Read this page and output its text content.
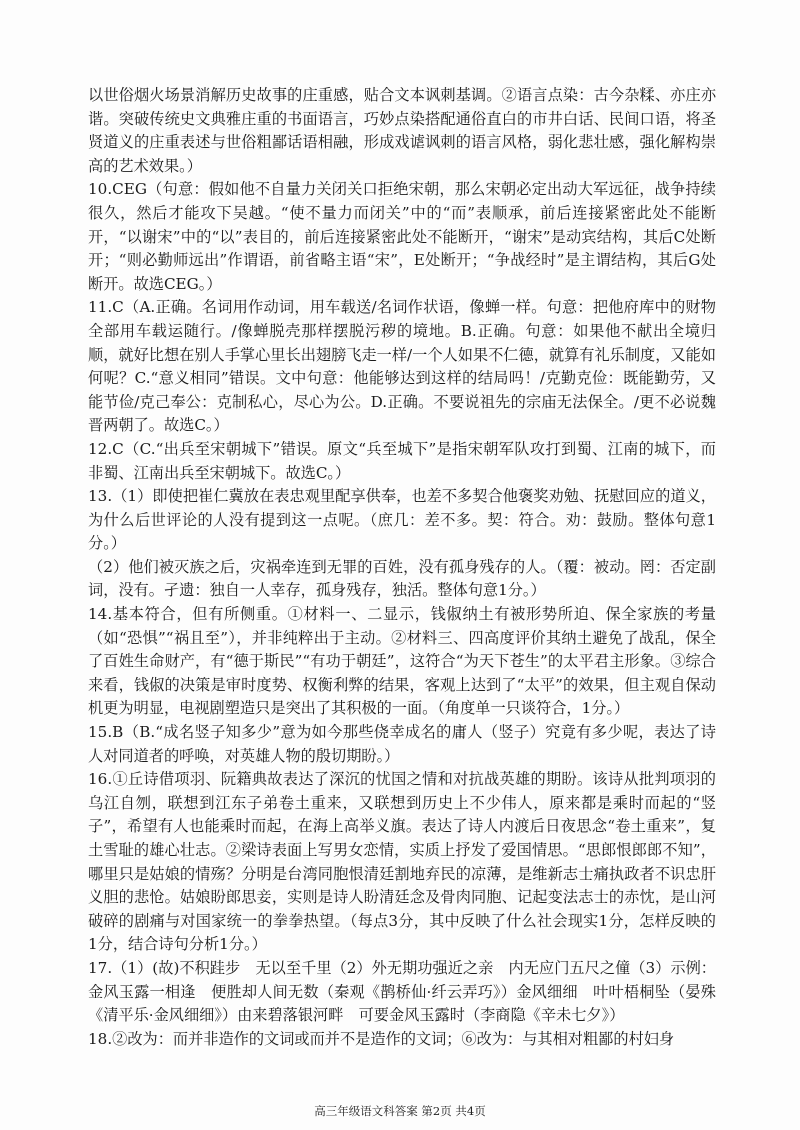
以世俗烟火场景消解历史故事的庄重感，贴合文本讽刺基调。②语言点染：古今杂糅、亦庄亦谐。突破传统史文典雅庄重的书面语言，巧妙点染搭配通俗直白的市井白话、民间口语，将圣贤道义的庄重表述与世俗粗鄙话语相融，形成戏谑讽刺的语言风格，弱化悲壮感，强化解构崇高的艺术效果。）

10.CEG（句意：假如他不自量力关闭关口拒绝宋朝，那么宋朝必定出动大军远征，战争持续很久，然后才能攻下吴越。“使不量力而闭关”中的“而”表顺承，前后连接紧密此处不能断开，“以谢宋”中的“以”表目的，前后连接紧密此处不能断开，“谢宋”是动宾结构，其后C处断开；“则必勤师远出”作谓语，前省略主语“宋”，E处断开；“争战经时”是主谓结构，其后G处断开。故选CEG。）

11.C（A.正确。名词用作动词，用车载送/名词作状语，像蝉一样。句意：把他府库中的财物全部用车载运随行。/像蝉脱壳那样摆脱污秽的境地。B.正确。句意：如果他不献出全境归顺，就好比想在别人手掌心里长出翅膀飞走一样/一个人如果不仁德，就算有礼乐制度，又能如何呢？C.“意义相同”错误。文中句意：他能够达到这样的结局吗！/克勤克俭：既能勤劳，又能节俭/克己奉公：克制私心，尽心为公。D.正确。不要说祖先的宗庙无法保全。/更不必说魏晋两朝了。故选C。）

12.C（C.“出兵至宋朝城下”错误。原文“兵至城下”是指宋朝军队攻打到蜀、江南的城下，而非蜀、江南出兵至宋朝城下。故选C。）

13.（1）即使把崔仁冀放在表忠观里配享供奉，也差不多契合他褒奖劝勉、抚慰回应的道义，为什么后世评论的人没有提到这一点呢。（庶几：差不多。契：符合。劝：鼓励。整体句意1分。）

（2）他们被灭族之后，灾祸牵连到无罪的百姓，没有孤身残存的人。（覆：被动。罔：否定副词，没有。孑遗：独自一人幸存，孤身残存，独活。整体句意1分。）

14.基本符合，但有所侧重。①材料一、二显示，钱俶纳土有被形势所迫、保全家族的考量（如“恐惧”“祸且至”），并非纯粹出于主动。②材料三、四高度评价其纳土避免了战乱，保全了百姓生命财产，有“德于斯民”“有功于朝廷”，这符合“为天下苍生”的太平君主形象。③综合来看，钱俶的决策是审时度势、权衡利弊的结果，客观上达到了“太平”的效果，但主观自保动机更为明显，电视剧塑造只是突出了其积极的一面。（角度单一只谈符合，1分。）

15.B（B.“成名竖子知多少”意为如今那些侥幸成名的庸人（竖子）究竟有多少呢，表达了诗人对同道者的呼唤，对英雄人物的殷切期盼。）

16.①丘诗借项羽、阮籍典故表达了深沉的忧国之情和对抗战英雄的期盼。该诗从批判项羽的乌江自刎，联想到江东子弟卷土重来，又联想到历史上不少伟人，原来都是乘时而起的“竖子”，希望有人也能乘时而起，在海上高举义旗。表达了诗人内渡后日夜思念“卷土重来”，复土雪耻的雄心壮志。②梁诗表面上写男女恋情，实质上抒发了爱国情思。“思郎恨郎郎不知”，哪里只是姑娘的情殇？分明是台湾同胞恨清廷割地弃民的凉薄，是维新志士痛执政者不识忠肝义胆的悲怆。姑娘盼郎思妾，实则是诗人盼清廷念及骨肉同胞、记起变法志士的赤忱，是山河破碎的剧痛与对国家统一的拳拳热望。（每点3分，其中反映了什么社会现实1分，怎样反映的1分，结合诗句分析1分。）

17.（1）(故)不积跬步　无以至千里（2）外无期功强近之亲　内无应门五尺之僮（3）示例：金风玉露一相逢　便胜却人间无数（秦观《鹊桥仙·纤云弄巧》）金风细细　叶叶梧桐坠（晏殊《清平乐·金风细细》）由来碧落银河畔　可要金风玉露时（李商隐《辛未七夕》）

18.②改为：而并非造作的文词或而并不是造作的文词；⑥改为：与其相对粗鄙的村妇身

高三年级语文科答案 第2页 共4页
